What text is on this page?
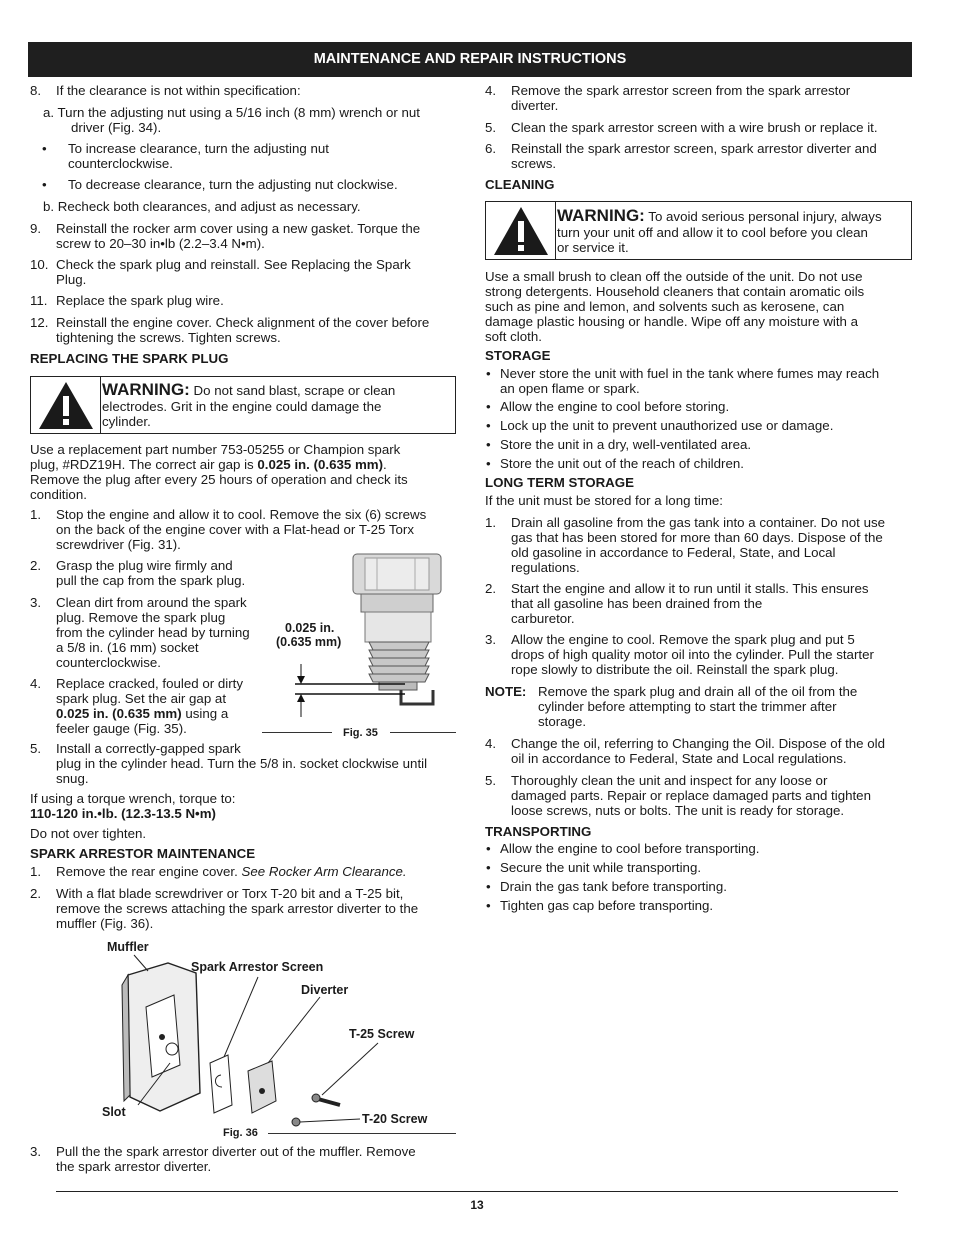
MAINTENANCE AND REPAIR INSTRUCTIONS
8. If the clearance is not within specification:
a. Turn the adjusting nut using a 5/16 inch (8 mm) wrench or nut
driver (Fig. 34).
• To increase clearance, turn the adjusting nut
counterclockwise.
• To decrease clearance, turn the adjusting nut clockwise.
b. Recheck both clearances, and adjust as necessary.
9. Reinstall the rocker arm cover using a new gasket. Torque the
screw to 20–30 in•lb (2.2–3.4 N•m).
10. Check the spark plug and reinstall. See Replacing the Spark
Plug.
11. Replace the spark plug wire.
12. Reinstall the engine cover. Check alignment of the cover before
tightening the screws. Tighten screws.
REPLACING THE SPARK PLUG
WARNING: Do not sand blast, scrape or clean
electrodes. Grit in the engine could damage the
cylinder.
Use a replacement part number 753-05255 or Champion spark
plug, #RDZ19H. The correct air gap is 0.025 in. (0.635 mm).
Remove the plug after every 25 hours of operation and check its
condition.
1. Stop the engine and allow it to cool. Remove the six (6) screws
on the back of the engine cover with a Flat-head or T-25 Torx
screwdriver (Fig. 31).
2. Grasp the plug wire firmly and
pull the cap from the spark plug.
3. Clean dirt from around the spark
plug. Remove the spark plug
from the cylinder head by turning
a 5/8 in. (16 mm) socket
counterclockwise.
4. Replace cracked, fouled or dirty
spark plug. Set the air gap at
0.025 in. (0.635 mm) using a
feeler gauge (Fig. 35).
5. Install a correctly-gapped spark
plug in the cylinder head. Turn the 5/8 in. socket clockwise until
snug.
If using a torque wrench, torque to:
110-120 in.•lb. (12.3-13.5 N•m)
Do not over tighten.
0.025 in.
(0.635 mm)
Fig. 35
SPARK ARRESTOR MAINTENANCE
1. Remove the rear engine cover. See Rocker Arm Clearance.
2. With a flat blade screwdriver or Torx T-20 bit and a T-25 bit,
remove the screws attaching the spark arrestor diverter to the
muffler (Fig. 36).
Muffler
Spark Arrestor Screen
Diverter
T-25 Screw
Slot	T-20 Screw
Fig. 36
3. Pull the the spark arrestor diverter out of the muffler. Remove
the spark arrestor diverter.
4. Remove the spark arrestor screen from the spark arrestor
diverter.
5. Clean the spark arrestor screen with a wire brush or replace it.
6. Reinstall the spark arrestor screen, spark arrestor diverter and
screws.
CLEANING
WARNING: To avoid serious personal injury, always
turn your unit off and allow it to cool before you clean
or service it.
Use a small brush to clean off the outside of the unit. Do not use
strong detergents. Household cleaners that contain aromatic oils
such as pine and lemon, and solvents such as kerosene, can
damage plastic housing or handle. Wipe off any moisture with a
soft cloth.
STORAGE
• Never store the unit with fuel in the tank where fumes may reach
an open flame or spark.
• Allow the engine to cool before storing.
• Lock up the unit to prevent unauthorized use or damage.
• Store the unit in a dry, well-ventilated area.
• Store the unit out of the reach of children.
LONG TERM STORAGE
If the unit must be stored for a long time:
1. Drain all gasoline from the gas tank into a container. Do not use
gas that has been stored for more than 60 days. Dispose of the
old gasoline in accordance to Federal, State, and Local
regulations.
2. Start the engine and allow it to run until it stalls. This ensures
that all gasoline has been drained from the
carburetor.
3. Allow the engine to cool. Remove the spark plug and put 5
drops of high quality motor oil into the cylinder. Pull the starter
rope slowly to distribute the oil. Reinstall the spark plug.
NOTE: Remove the spark plug and drain all of the oil from the
cylinder before attempting to start the trimmer after
storage.
4. Change the oil, referring to Changing the Oil. Dispose of the old
oil in accordance to Federal, State and Local regulations.
5. Thoroughly clean the unit and inspect for any loose or
damaged parts. Repair or replace damaged parts and tighten
loose screws, nuts or bolts. The unit is ready for storage.
TRANSPORTING
• Allow the engine to cool before transporting.
• Secure the unit while transporting.
• Drain the gas tank before transporting.
• Tighten gas cap before transporting.
13
